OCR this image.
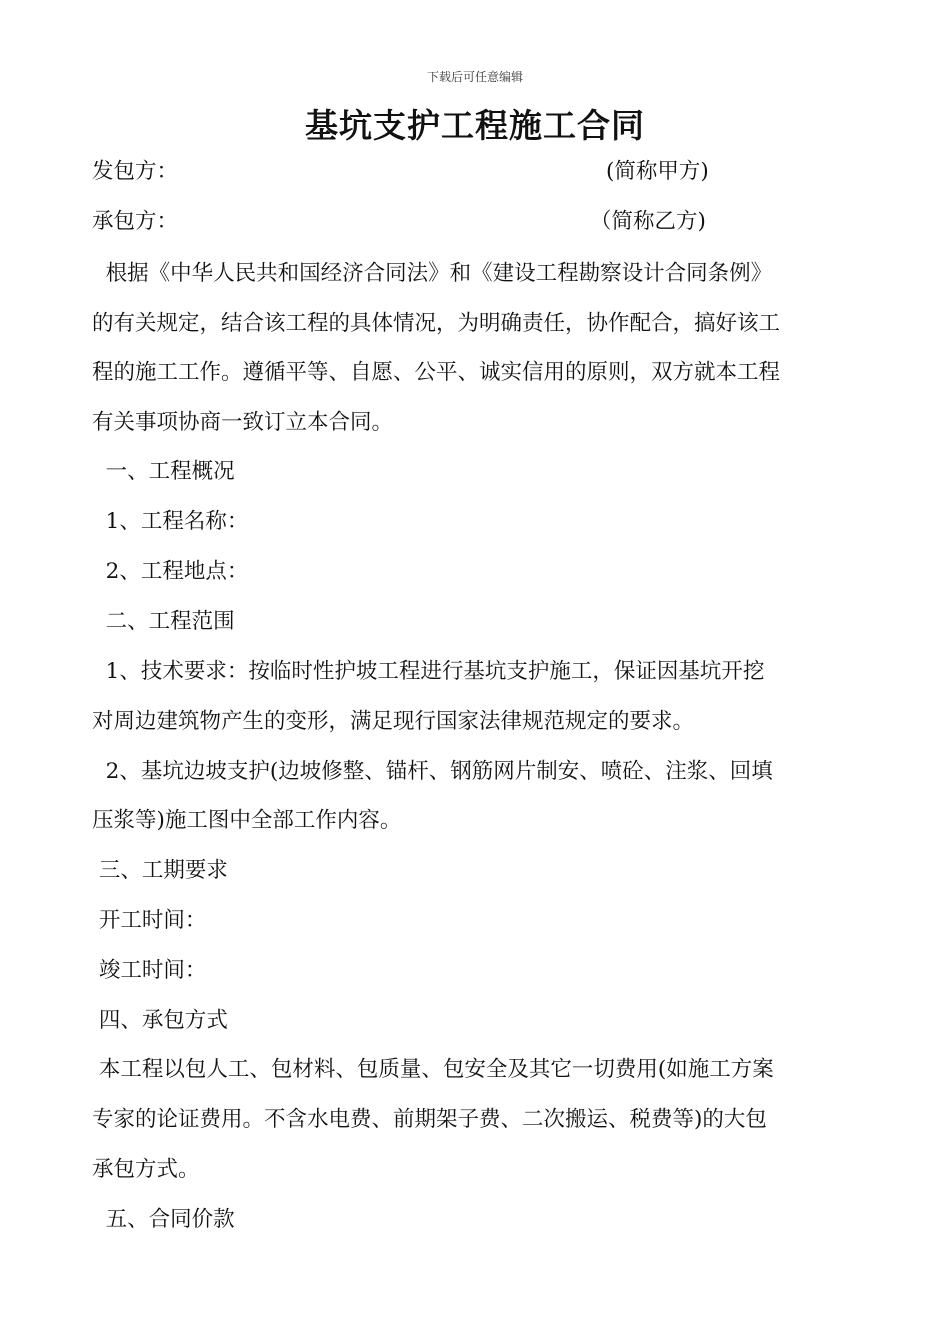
下载后可任意编辑
基坑支护工程施工合同
发包方：	(简称甲方)
承包方：	（简称乙方)
根据《中华人民共和国经济合同法》和《建设工程勘察设计合同条例》
的有关规定，结合该工程的具体情况，为明确责任，协作配合，搞好该工
程的施工工作。遵循平等、自愿、公平、诚实信用的原则，双方就本工程
有关事项协商一致订立本合同。
一、工程概况
1、工程名称：
2、工程地点：
二、工程范围
1、技术要求：按临时性护坡工程进行基坑支护施工，保证因基坑开挖
对周边建筑物产生的变形，满足现行国家法律规范规定的要求。
2、基坑边坡支护(边坡修整、锚杆、钢筋网片制安、喷砼、注浆、回填
压浆等)施工图中全部工作内容。
三、工期要求
开工时间：
竣工时间：
四、承包方式
本工程以包人工、包材料、包质量、包安全及其它一切费用(如施工方案
专家的论证费用。不含水电费、前期架子费、二次搬运、税费等)的大包
承包方式。
五、合同价款
